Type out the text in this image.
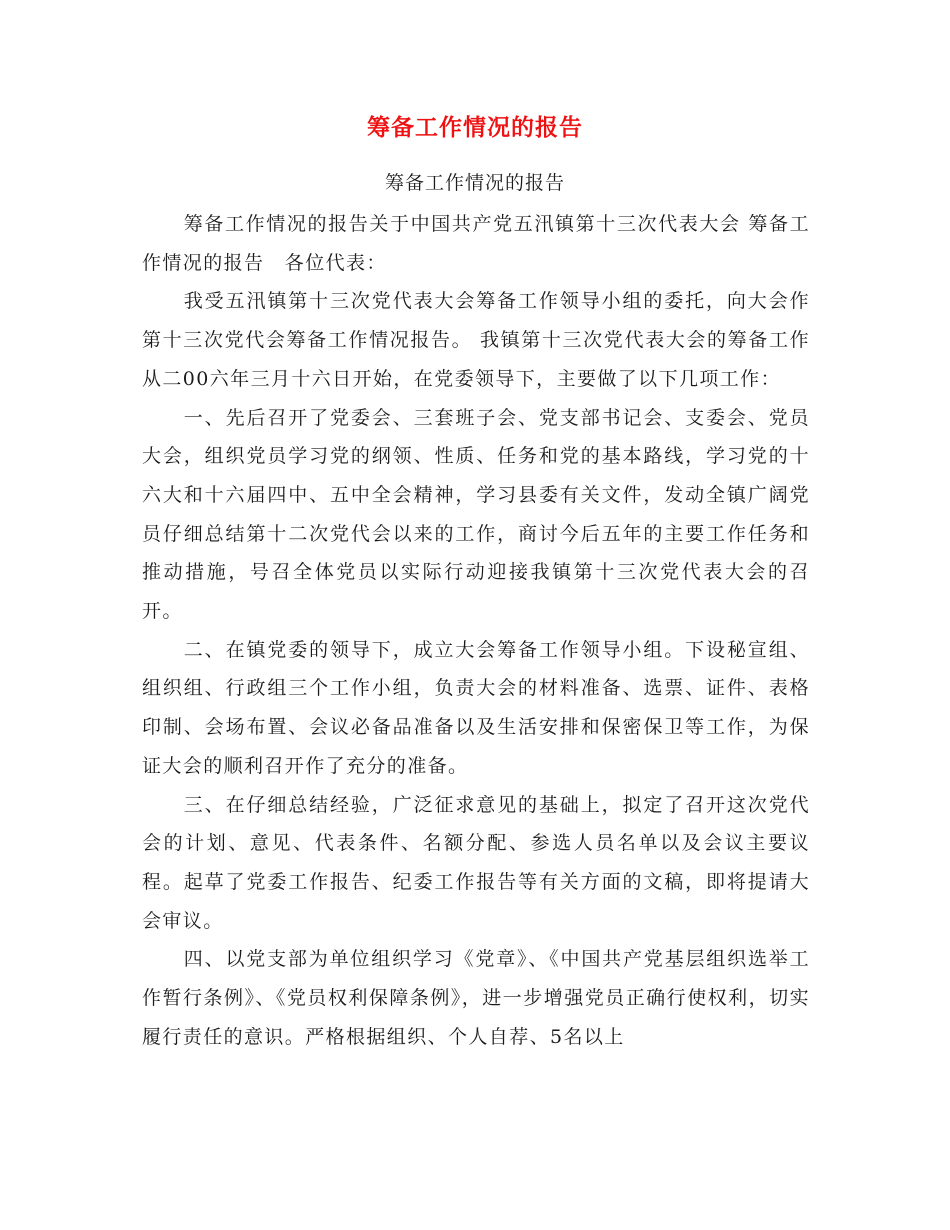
筹备工作情况的报告
筹备工作情况的报告

筹备工作情况的报告关于中国共产党五汛镇第十三次代表大会 筹备工作情况的报告　各位代表：

我受五汛镇第十三次党代表大会筹备工作领导小组的委托，向大会作第十三次党代会筹备工作情况报告。 我镇第十三次党代表大会的筹备工作从二00六年三月十六日开始，在党委领导下，主要做了以下几项工作：

一、先后召开了党委会、三套班子会、党支部书记会、支委会、党员大会，组织党员学习党的纲领、性质、任务和党的基本路线，学习党的十六大和十六届四中、五中全会精神，学习县委有关文件，发动全镇广阔党员仔细总结第十二次党代会以来的工作，商讨今后五年的主要工作任务和推动措施，号召全体党员以实际行动迎接我镇第十三次党代表大会的召开。

二、在镇党委的领导下，成立大会筹备工作领导小组。下设秘宣组、组织组、行政组三个工作小组，负责大会的材料准备、选票、证件、表格印制、会场布置、会议必备品准备以及生活安排和保密保卫等工作，为保证大会的顺利召开作了充分的准备。

三、在仔细总结经验，广泛征求意见的基础上，拟定了召开这次党代会的计划、意见、代表条件、名额分配、参选人员名单以及会议主要议程。起草了党委工作报告、纪委工作报告等有关方面的文稿，即将提请大会审议。

四、以党支部为单位组织学习《党章》、《中国共产党基层组织选举工作暂行条例》、《党员权利保障条例》，进一步增强党员正确行使权利，切实履行责任的意识。严格根据组织、个人自荐、5名以上
